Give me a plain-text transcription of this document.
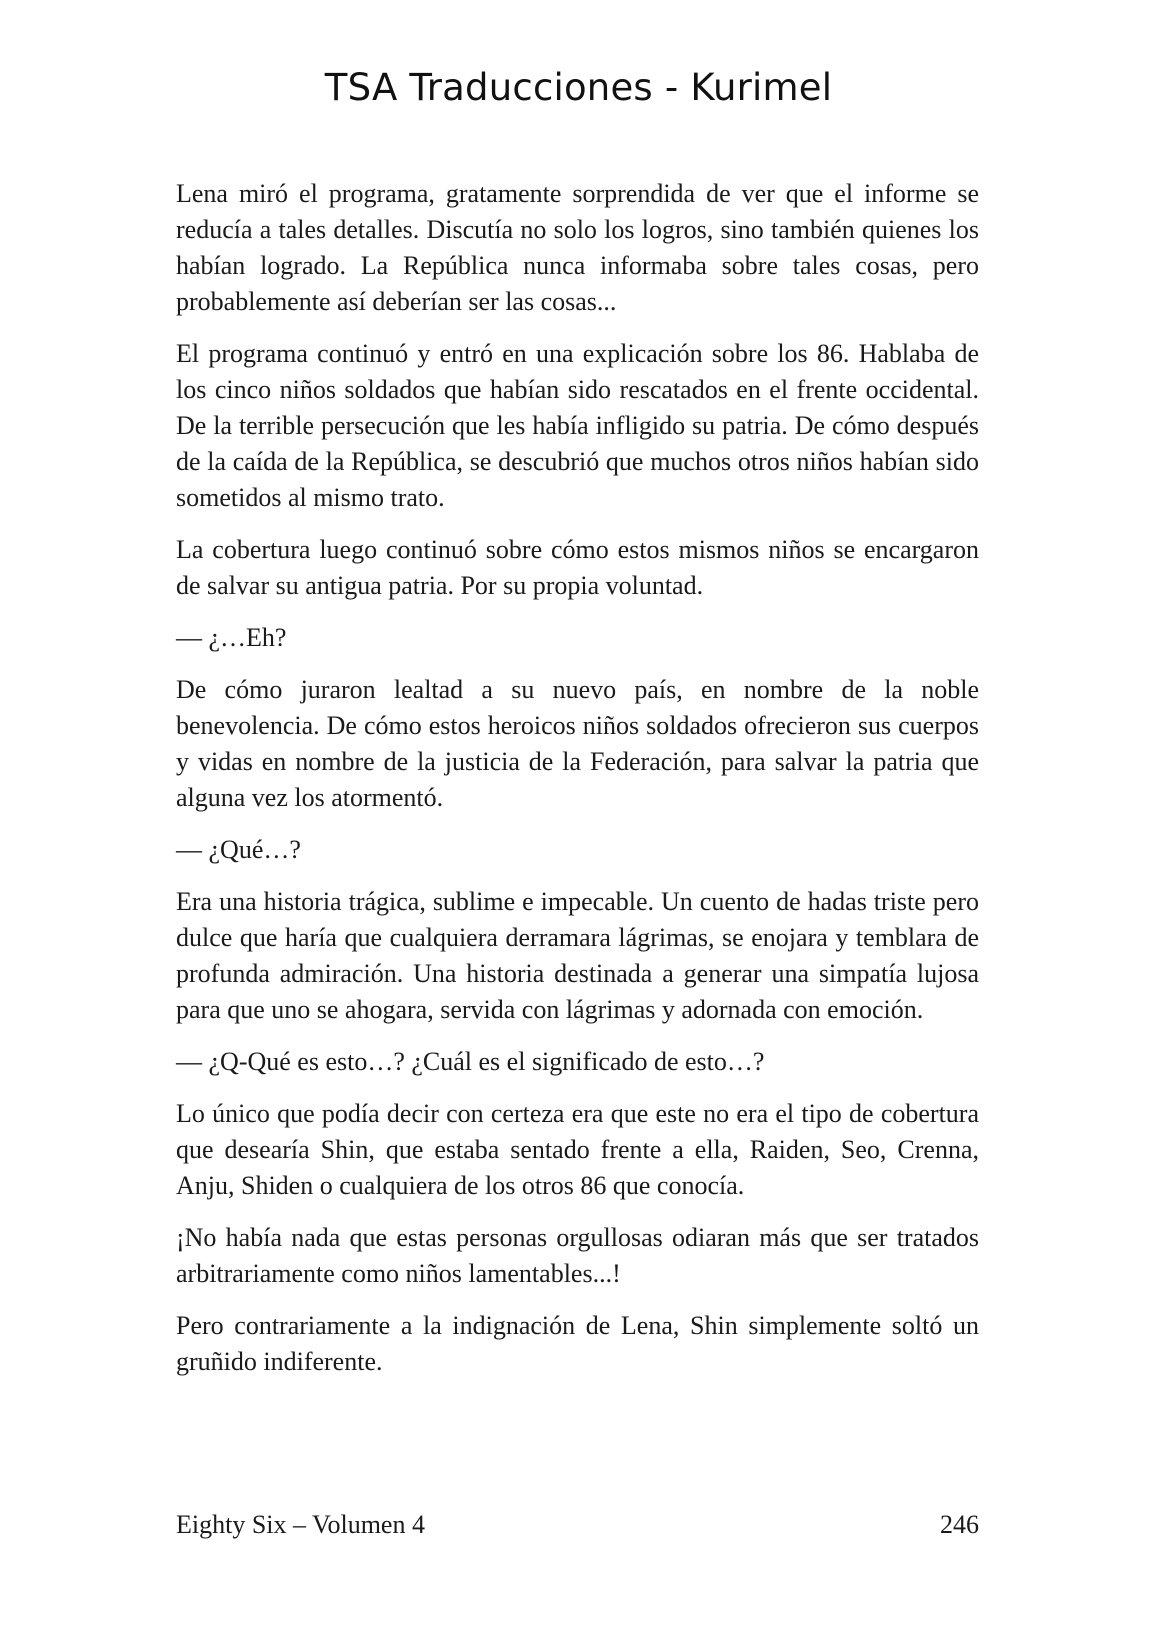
TSA Traducciones - Kurimel

Lena miró el programa, gratamente sorprendida de ver que el informe se reducía a tales detalles. Discutía no solo los logros, sino también quienes los habían logrado. La República nunca informaba sobre tales cosas, pero probablemente así deberían ser las cosas...

El programa continuó y entró en una explicación sobre los 86. Hablaba de los cinco niños soldados que habían sido rescatados en el frente occidental. De la terrible persecución que les había infligido su patria. De cómo después de la caída de la República, se descubrió que muchos otros niños habían sido sometidos al mismo trato.

La cobertura luego continuó sobre cómo estos mismos niños se encargaron de salvar su antigua patria. Por su propia voluntad.

— ¿…Eh?

De cómo juraron lealtad a su nuevo país, en nombre de la noble benevolencia. De cómo estos heroicos niños soldados ofrecieron sus cuerpos y vidas en nombre de la justicia de la Federación, para salvar la patria que alguna vez los atormentó.

— ¿Qué…?

Era una historia trágica, sublime e impecable. Un cuento de hadas triste pero dulce que haría que cualquiera derramara lágrimas, se enojara y temblara de profunda admiración. Una historia destinada a generar una simpatía lujosa para que uno se ahogara, servida con lágrimas y adornada con emoción.

— ¿Q-Qué es esto…? ¿Cuál es el significado de esto…?

Lo único que podía decir con certeza era que este no era el tipo de cobertura que desearía Shin, que estaba sentado frente a ella, Raiden, Seo, Crenna, Anju, Shiden o cualquiera de los otros 86 que conocía.

¡No había nada que estas personas orgullosas odiaran más que ser tratados arbitrariamente como niños lamentables...!

Pero contrariamente a la indignación de Lena, Shin simplemente soltó un gruñido indiferente.

Eighty Six – Volumen 4	246
